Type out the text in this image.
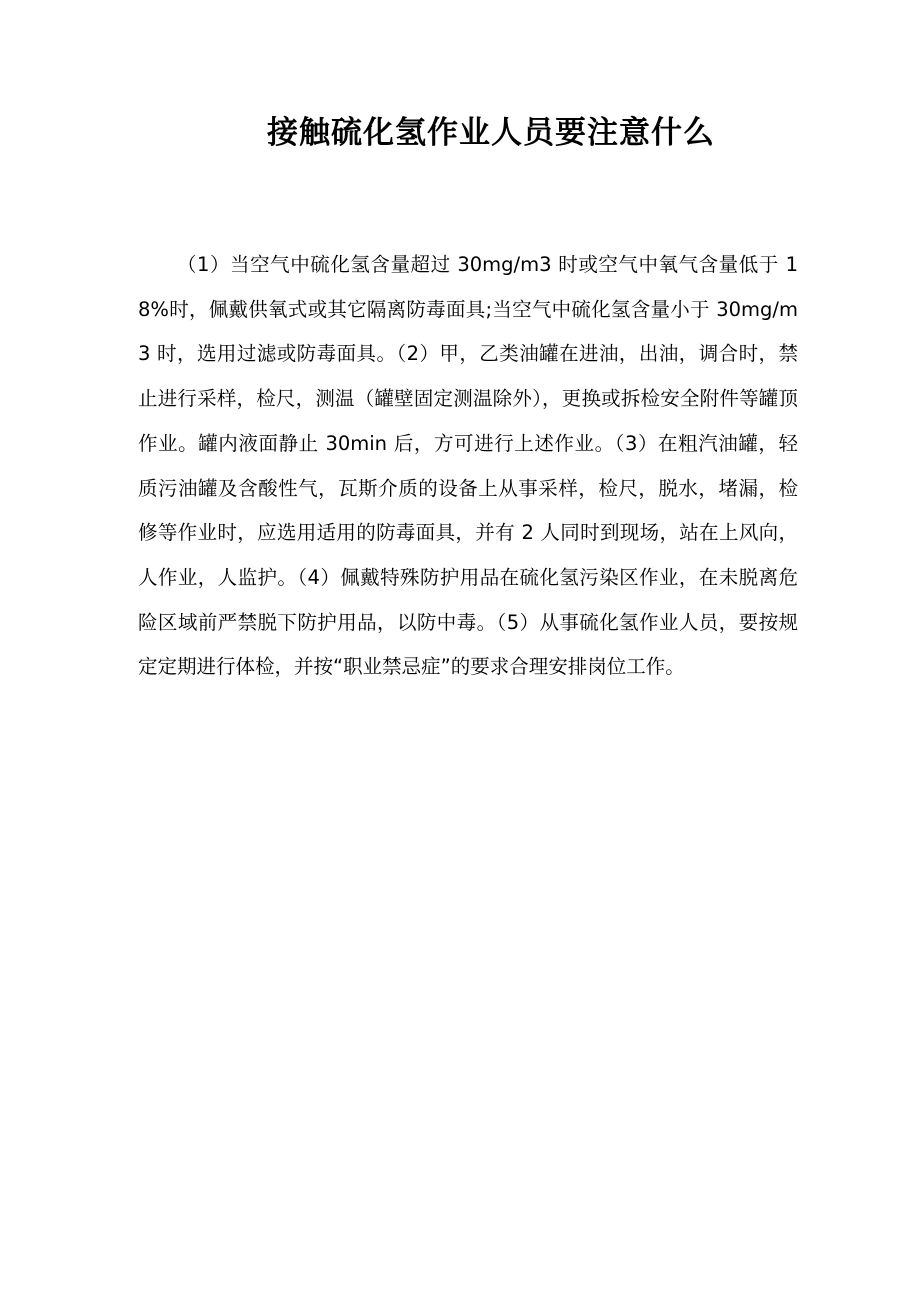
接触硫化氢作业人员要注意什么

（1）当空气中硫化氢含量超过 30mg/m3 时或空气中氧气含量低于 18%时，佩戴供氧式或其它隔离防毒面具;当空气中硫化氢含量小于 30mg/m3 时，选用过滤或防毒面具。（2）甲，乙类油罐在进油，出油，调合时，禁止进行采样，检尺，测温（罐壁固定测温除外），更换或拆检安全附件等罐顶作业。罐内液面静止 30min 后，方可进行上述作业。（3）在粗汽油罐，轻质污油罐及含酸性气，瓦斯介质的设备上从事采样，检尺，脱水，堵漏，检修等作业时，应选用适用的防毒面具，并有 2 人同时到现场，站在上风向，人作业，人监护。（4）佩戴特殊防护用品在硫化氢污染区作业，在未脱离危险区域前严禁脱下防护用品，以防中毒。（5）从事硫化氢作业人员，要按规定定期进行体检，并按“职业禁忌症”的要求合理安排岗位工作。
